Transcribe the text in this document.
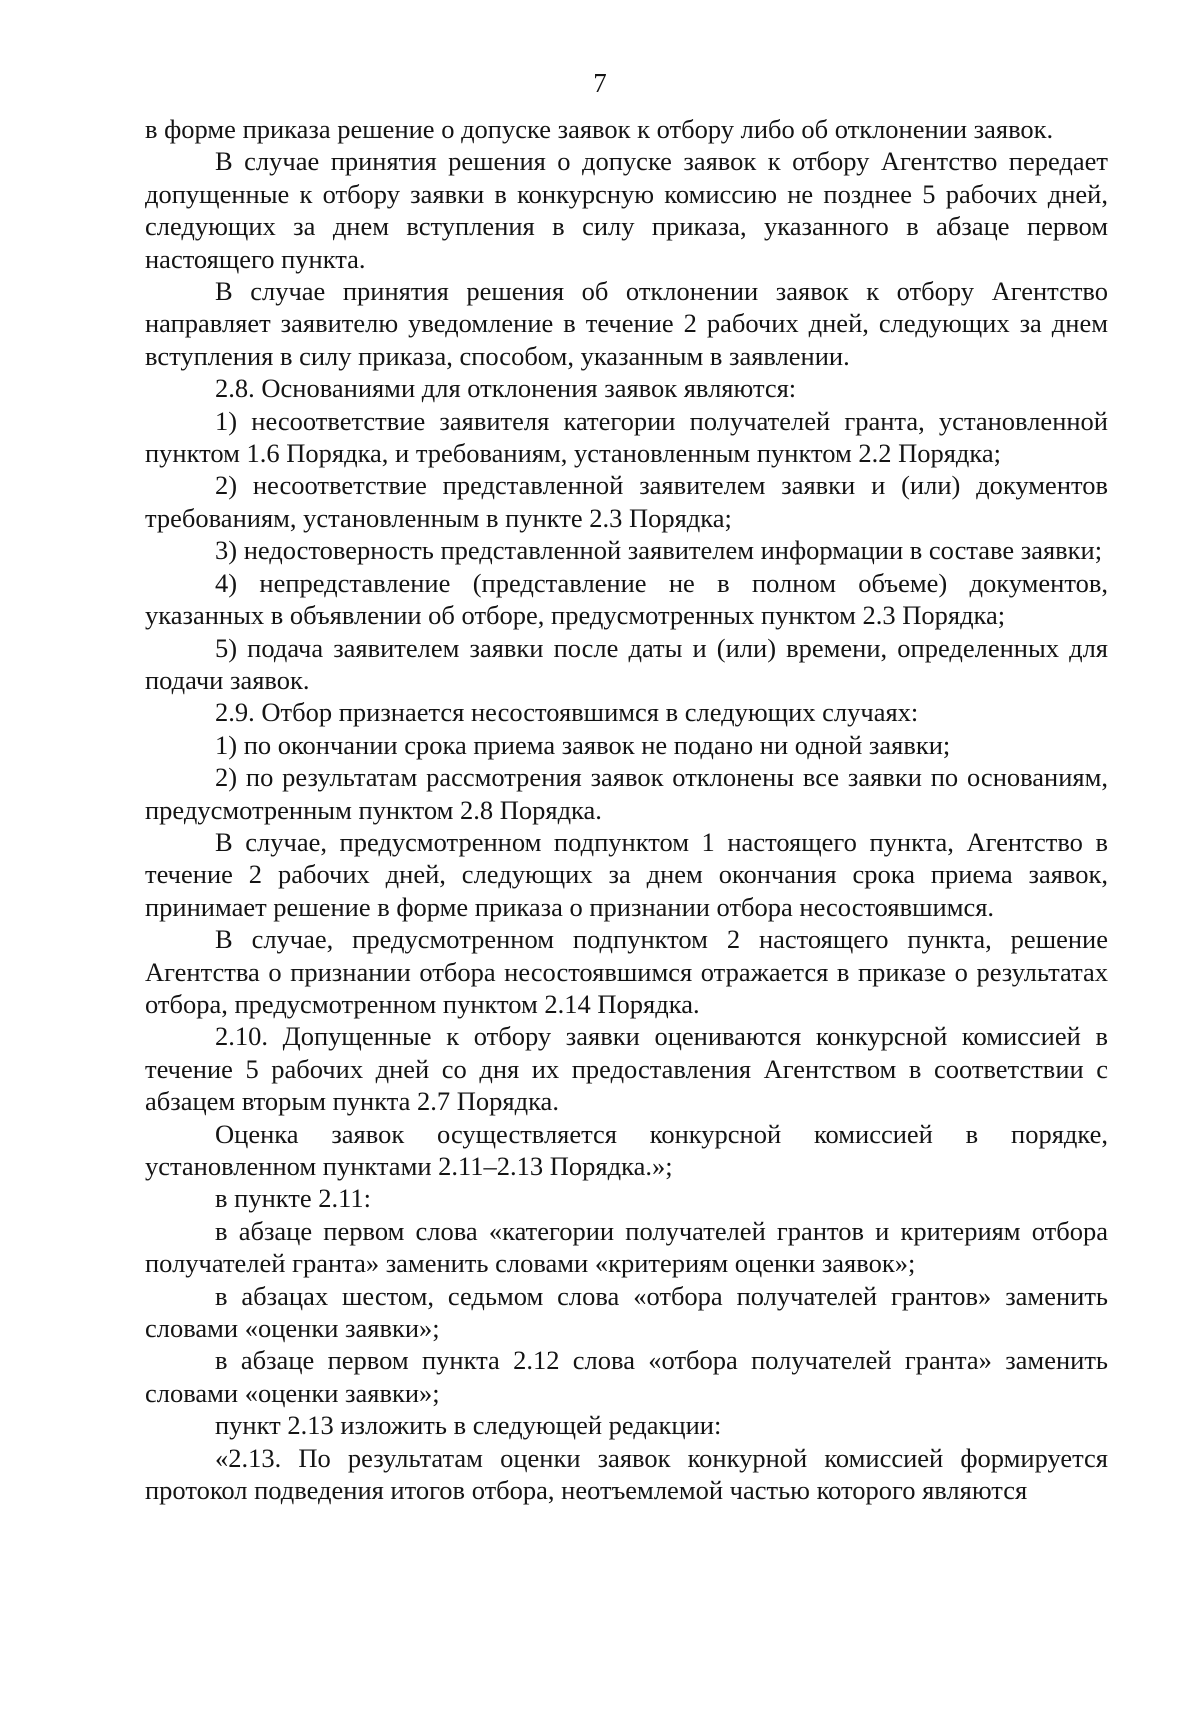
7

в форме приказа решение о допуске заявок к отбору либо об отклонении заявок.

В случае принятия решения о допуске заявок к отбору Агентство передает допущенные к отбору заявки в конкурсную комиссию не позднее 5 рабочих дней, следующих за днем вступления в силу приказа, указанного в абзаце первом настоящего пункта.

В случае принятия решения об отклонении заявок к отбору Агентство направляет заявителю уведомление в течение 2 рабочих дней, следующих за днем вступления в силу приказа, способом, указанным в заявлении.

2.8. Основаниями для отклонения заявок являются:

1) несоответствие заявителя категории получателей гранта, установленной пунктом 1.6 Порядка, и требованиям, установленным пунктом 2.2 Порядка;

2) несоответствие представленной заявителем заявки и (или) документов требованиям, установленным в пункте 2.3 Порядка;

3) недостоверность представленной заявителем информации в составе заявки;

4) непредставление (представление не в полном объеме) документов, указанных в объявлении об отборе, предусмотренных пунктом 2.3 Порядка;

5) подача заявителем заявки после даты и (или) времени, определенных для подачи заявок.

2.9. Отбор признается несостоявшимся в следующих случаях:

1) по окончании срока приема заявок не подано ни одной заявки;

2) по результатам рассмотрения заявок отклонены все заявки по основаниям, предусмотренным пунктом 2.8 Порядка.

В случае, предусмотренном подпунктом 1 настоящего пункта, Агентство в течение 2 рабочих дней, следующих за днем окончания срока приема заявок, принимает решение в форме приказа о признании отбора несостоявшимся.

В случае, предусмотренном подпунктом 2 настоящего пункта, решение Агентства о признании отбора несостоявшимся отражается в приказе о результатах отбора, предусмотренном пунктом 2.14 Порядка.

2.10. Допущенные к отбору заявки оцениваются конкурсной комиссией в течение 5 рабочих дней со дня их предоставления Агентством в соответствии с абзацем вторым пункта 2.7 Порядка.

Оценка заявок осуществляется конкурсной комиссией в порядке, установленном пунктами 2.11–2.13 Порядка.»;

в пункте 2.11:

в абзаце первом слова «категории получателей грантов и критериям отбора получателей гранта» заменить словами «критериям оценки заявок»;

в абзацах шестом, седьмом слова «отбора получателей грантов» заменить словами «оценки заявки»;

в абзаце первом пункта 2.12 слова «отбора получателей гранта» заменить словами «оценки заявки»;

пункт 2.13 изложить в следующей редакции:

«2.13. По результатам оценки заявок конкурной комиссией формируется протокол подведения итогов отбора, неотъемлемой частью которого являются
